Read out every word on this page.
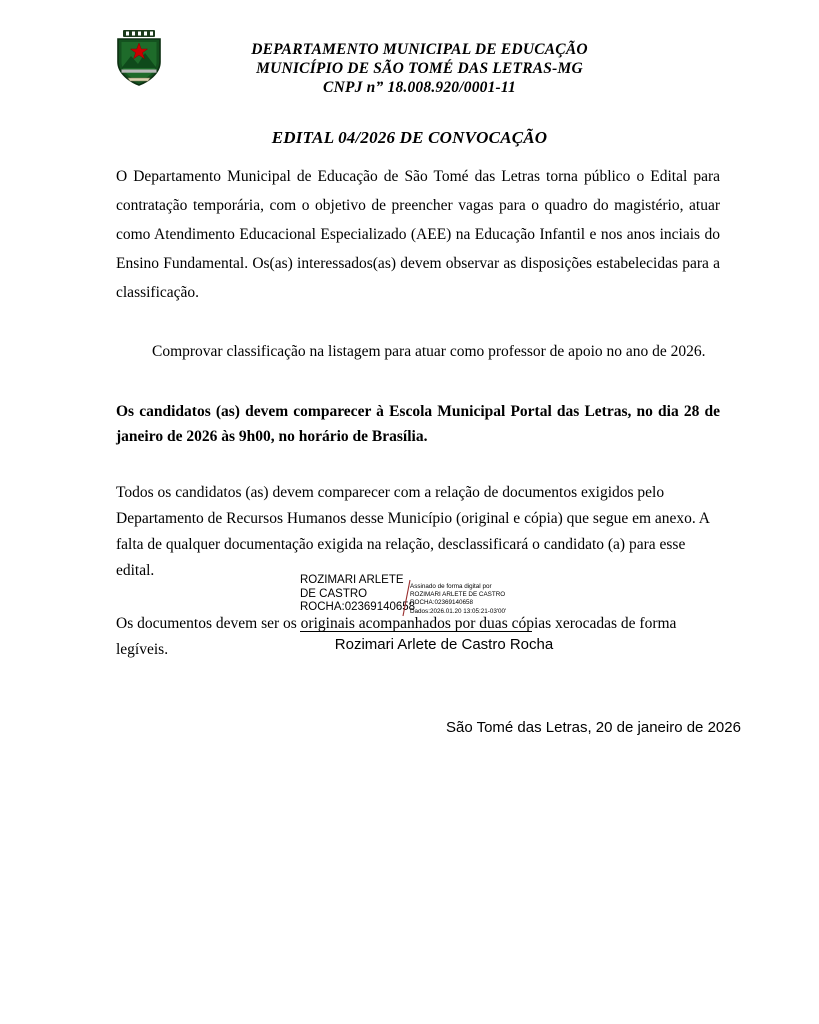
DEPARTAMENTO MUNICIPAL DE EDUCAÇÃO
MUNICÍPIO DE SÃO TOMÉ DAS LETRAS-MG
CNPJ n” 18.008.920/0001-11
EDITAL 04/2026 DE CONVOCAÇÃO

O Departamento Municipal de Educação de São Tomé das Letras torna público o Edital para contratação temporária, com o objetivo de preencher vagas para o quadro do magistério, atuar como Atendimento Educacional Especializado (AEE) na Educação Infantil e nos anos inciais do Ensino Fundamental. Os(as) interessados(as) devem observar as disposições estabelecidas para a classificação.

Comprovar classificação na listagem para atuar como professor de apoio no ano de 2026.

Os candidatos (as) devem comparecer à Escola Municipal Portal das Letras, no dia 28 de janeiro de 2026 às 9h00, no horário de Brasília.

Todos os candidatos (as) devem comparecer com a relação de documentos exigidos pelo Departamento de Recursos Humanos desse Município (original e cópia) que segue em anexo. A falta de qualquer documentação exigida na relação, desclassificará o candidato (a) para esse edital.

Os documentos devem ser os originais acompanhados por duas cópias xerocadas de forma legíveis.

ROZIMARI ARLETE DE CASTRO ROCHA:02369140658
Assinado de forma digital por
ROZIMARI ARLETE DE CASTRO
ROCHA:02369140658
Dados:2026.01.20 13:05:21-03'00'
Rozimari Arlete de Castro Rocha
São Tomé das Letras, 20 de janeiro de 2026
